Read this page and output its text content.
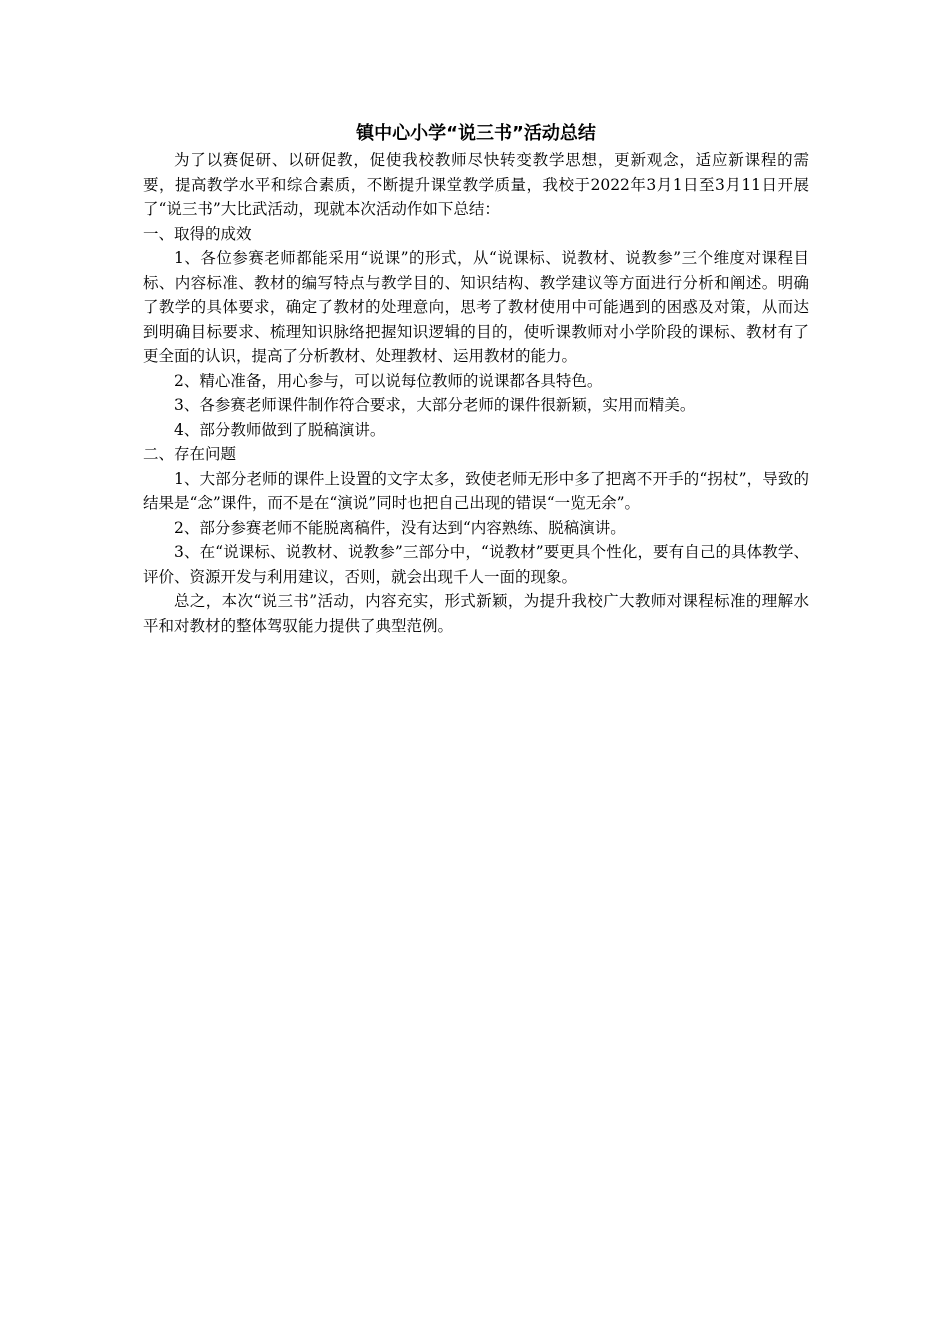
镇中心小学“说三书”活动总结

为了以赛促研、以研促教，促使我校教师尽快转变教学思想，更新观念，适应新课程的需要，提高教学水平和综合素质，不断提升课堂教学质量，我校于2022年3月1日至3月11日开展了“说三书”大比武活动，现就本次活动作如下总结：

一、取得的成效

1、各位参赛老师都能采用“说课”的形式，从“说课标、说教材、说教参”三个维度对课程目标、内容标准、教材的编写特点与教学目的、知识结构、教学建议等方面进行分析和阐述。明确了教学的具体要求，确定了教材的处理意向，思考了教材使用中可能遇到的困惑及对策，从而达到明确目标要求、梳理知识脉络把握知识逻辑的目的，使听课教师对小学阶段的课标、教材有了更全面的认识，提高了分析教材、处理教材、运用教材的能力。

2、精心准备，用心参与，可以说每位教师的说课都各具特色。

3、各参赛老师课件制作符合要求，大部分老师的课件很新颖，实用而精美。

4、部分教师做到了脱稿演讲。

二、存在问题

1、大部分老师的课件上设置的文字太多，致使老师无形中多了把离不开手的“拐杖”，导致的结果是“念”课件，而不是在“演说”同时也把自己出现的错误“一览无余”。

2、部分参赛老师不能脱离稿件，没有达到“内容熟练、脱稿演讲。

3、在“说课标、说教材、说教参”三部分中，“说教材”要更具个性化，要有自己的具体教学、评价、资源开发与利用建议，否则，就会出现千人一面的现象。

总之，本次“说三书”活动，内容充实，形式新颖，为提升我校广大教师对课程标准的理解水平和对教材的整体驾驭能力提供了典型范例。
